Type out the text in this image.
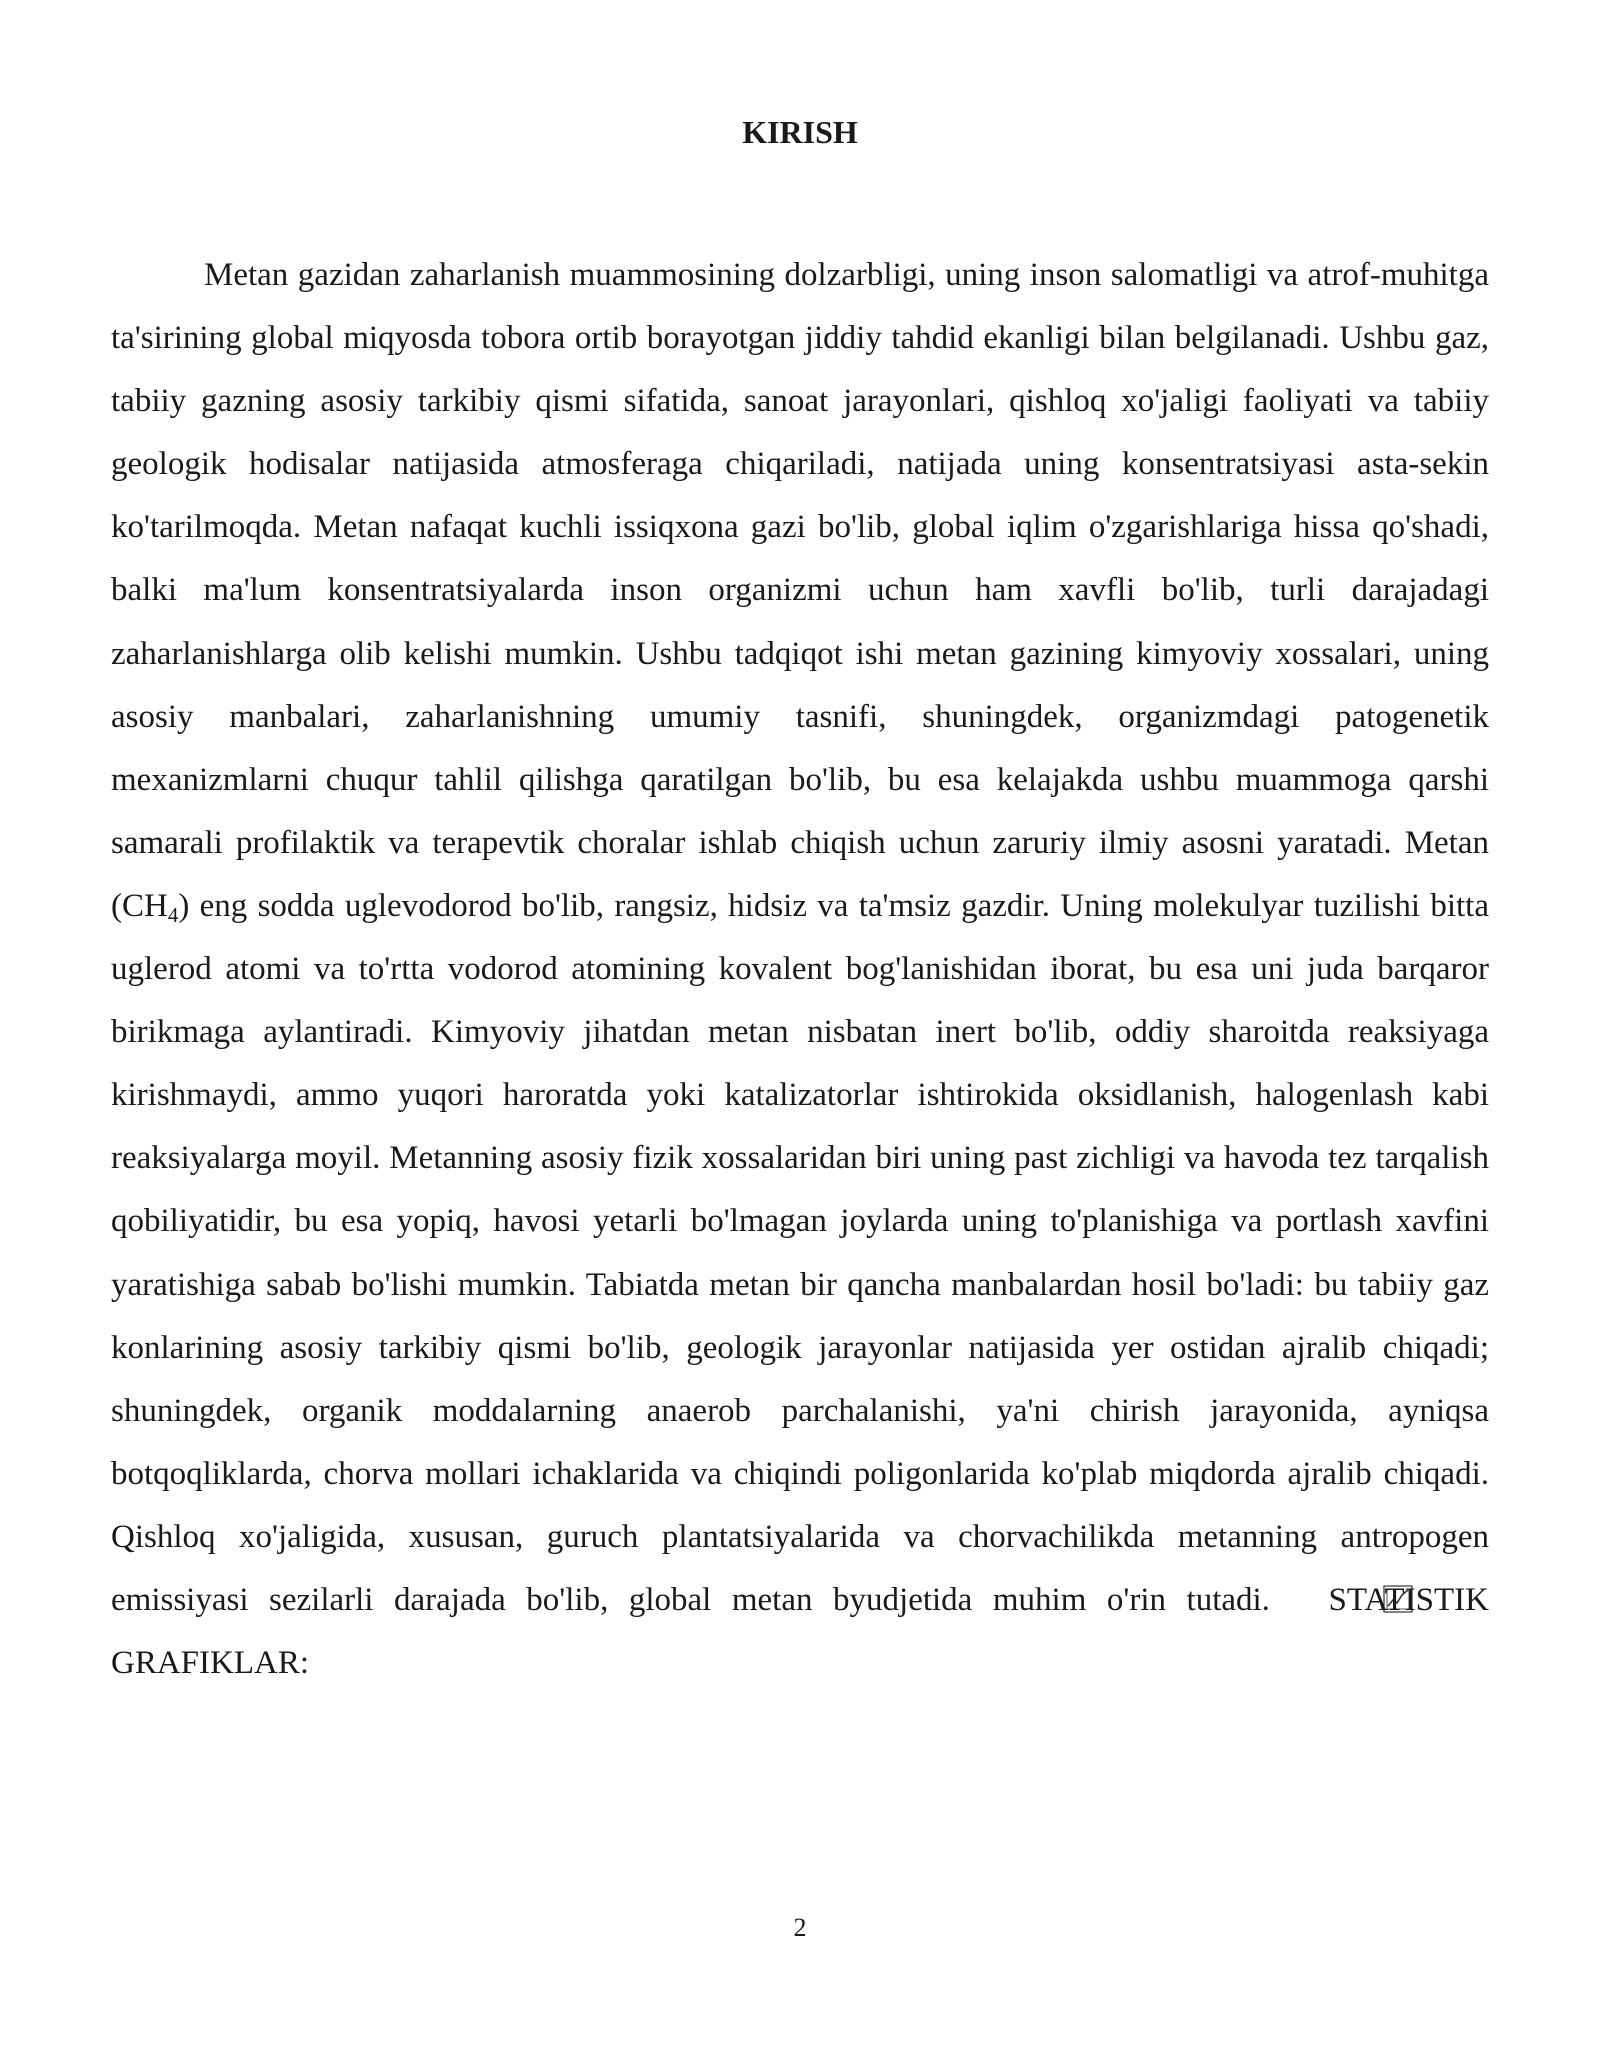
KIRISH

Metan gazidan zaharlanish muammosining dolzarbligi, uning inson salomatligi va atrof-muhitga ta'sirining global miqyosda tobora ortib borayotgan jiddiy tahdid ekanligi bilan belgilanadi. Ushbu gaz, tabiiy gazning asosiy tarkibiy qismi sifatida, sanoat jarayonlari, qishloq xo'jaligi faoliyati va tabiiy geologik hodisalar natijasida atmosferaga chiqariladi, natijada uning konsentratsiyasi asta-sekin ko'tarilmoqda. Metan nafaqat kuchli issiqxona gazi bo'lib, global iqlim o'zgarishlariga hissa qo'shadi, balki ma'lum konsentratsiyalarda inson organizmi uchun ham xavfli bo'lib, turli darajadagi zaharlanishlarga olib kelishi mumkin. Ushbu tadqiqot ishi metan gazining kimyoviy xossalari, uning asosiy manbalari, zaharlanishning umumiy tasnifi, shuningdek, organizmdagi patogenetik mexanizmlarni chuqur tahlil qilishga qaratilgan bo'lib, bu esa kelajakda ushbu muammoga qarshi samarali profilaktik va terapevtik choralar ishlab chiqish uchun zaruriy ilmiy asosni yaratadi. Metan $(CH_4)$ eng sodda uglevodorod bo'lib, rangsiz, hidsiz va ta'msiz gazdir. Uning molekulyar tuzilishi bitta uglerod atomi va to'rtta vodorod atomining kovalent bog'lanishidan iborat, bu esa uni juda barqaror birikmaga aylantiradi. Kimyoviy jihatdan metan nisbatan inert bo'lib, oddiy sharoitda reaksiyaga kirishmaydi, ammo yuqori haroratda yoki katalizatorlar ishtirokida oksidlanish, halogenlash kabi reaksiyalarga moyil. Metanning asosiy fizik xossalaridan biri uning past zichligi va havoda tez tarqalish qobiliyatidir, bu esa yopiq, havosi yetarli bo'lmagan joylarda uning to'planishiga va portlash xavfini yaratishiga sabab bo'lishi mumkin. Tabiatda metan bir qancha manbalardan hosil bo'ladi: bu tabiiy gaz konlarining asosiy tarkibiy qismi bo'lib, geologik jarayonlar natijasida yer ostidan ajralib chiqadi; shuningdek, organik moddalarning anaerob parchalanishi, ya'ni chirish jarayonida, ayniqsa botqoqliklarda, chorva mollari ichaklarida va chiqindi poligonlarida ko'plab miqdorda ajralib chiqadi. Qishloq xo'jaligida, xususan, guruch plantatsiyalarida va chorvachilikda metanning antropogen emissiyasi sezilarli darajada bo'lib, global metan byudjetida muhim o'rin tutadi. STATISTIK GRAFIKLAR:

2
